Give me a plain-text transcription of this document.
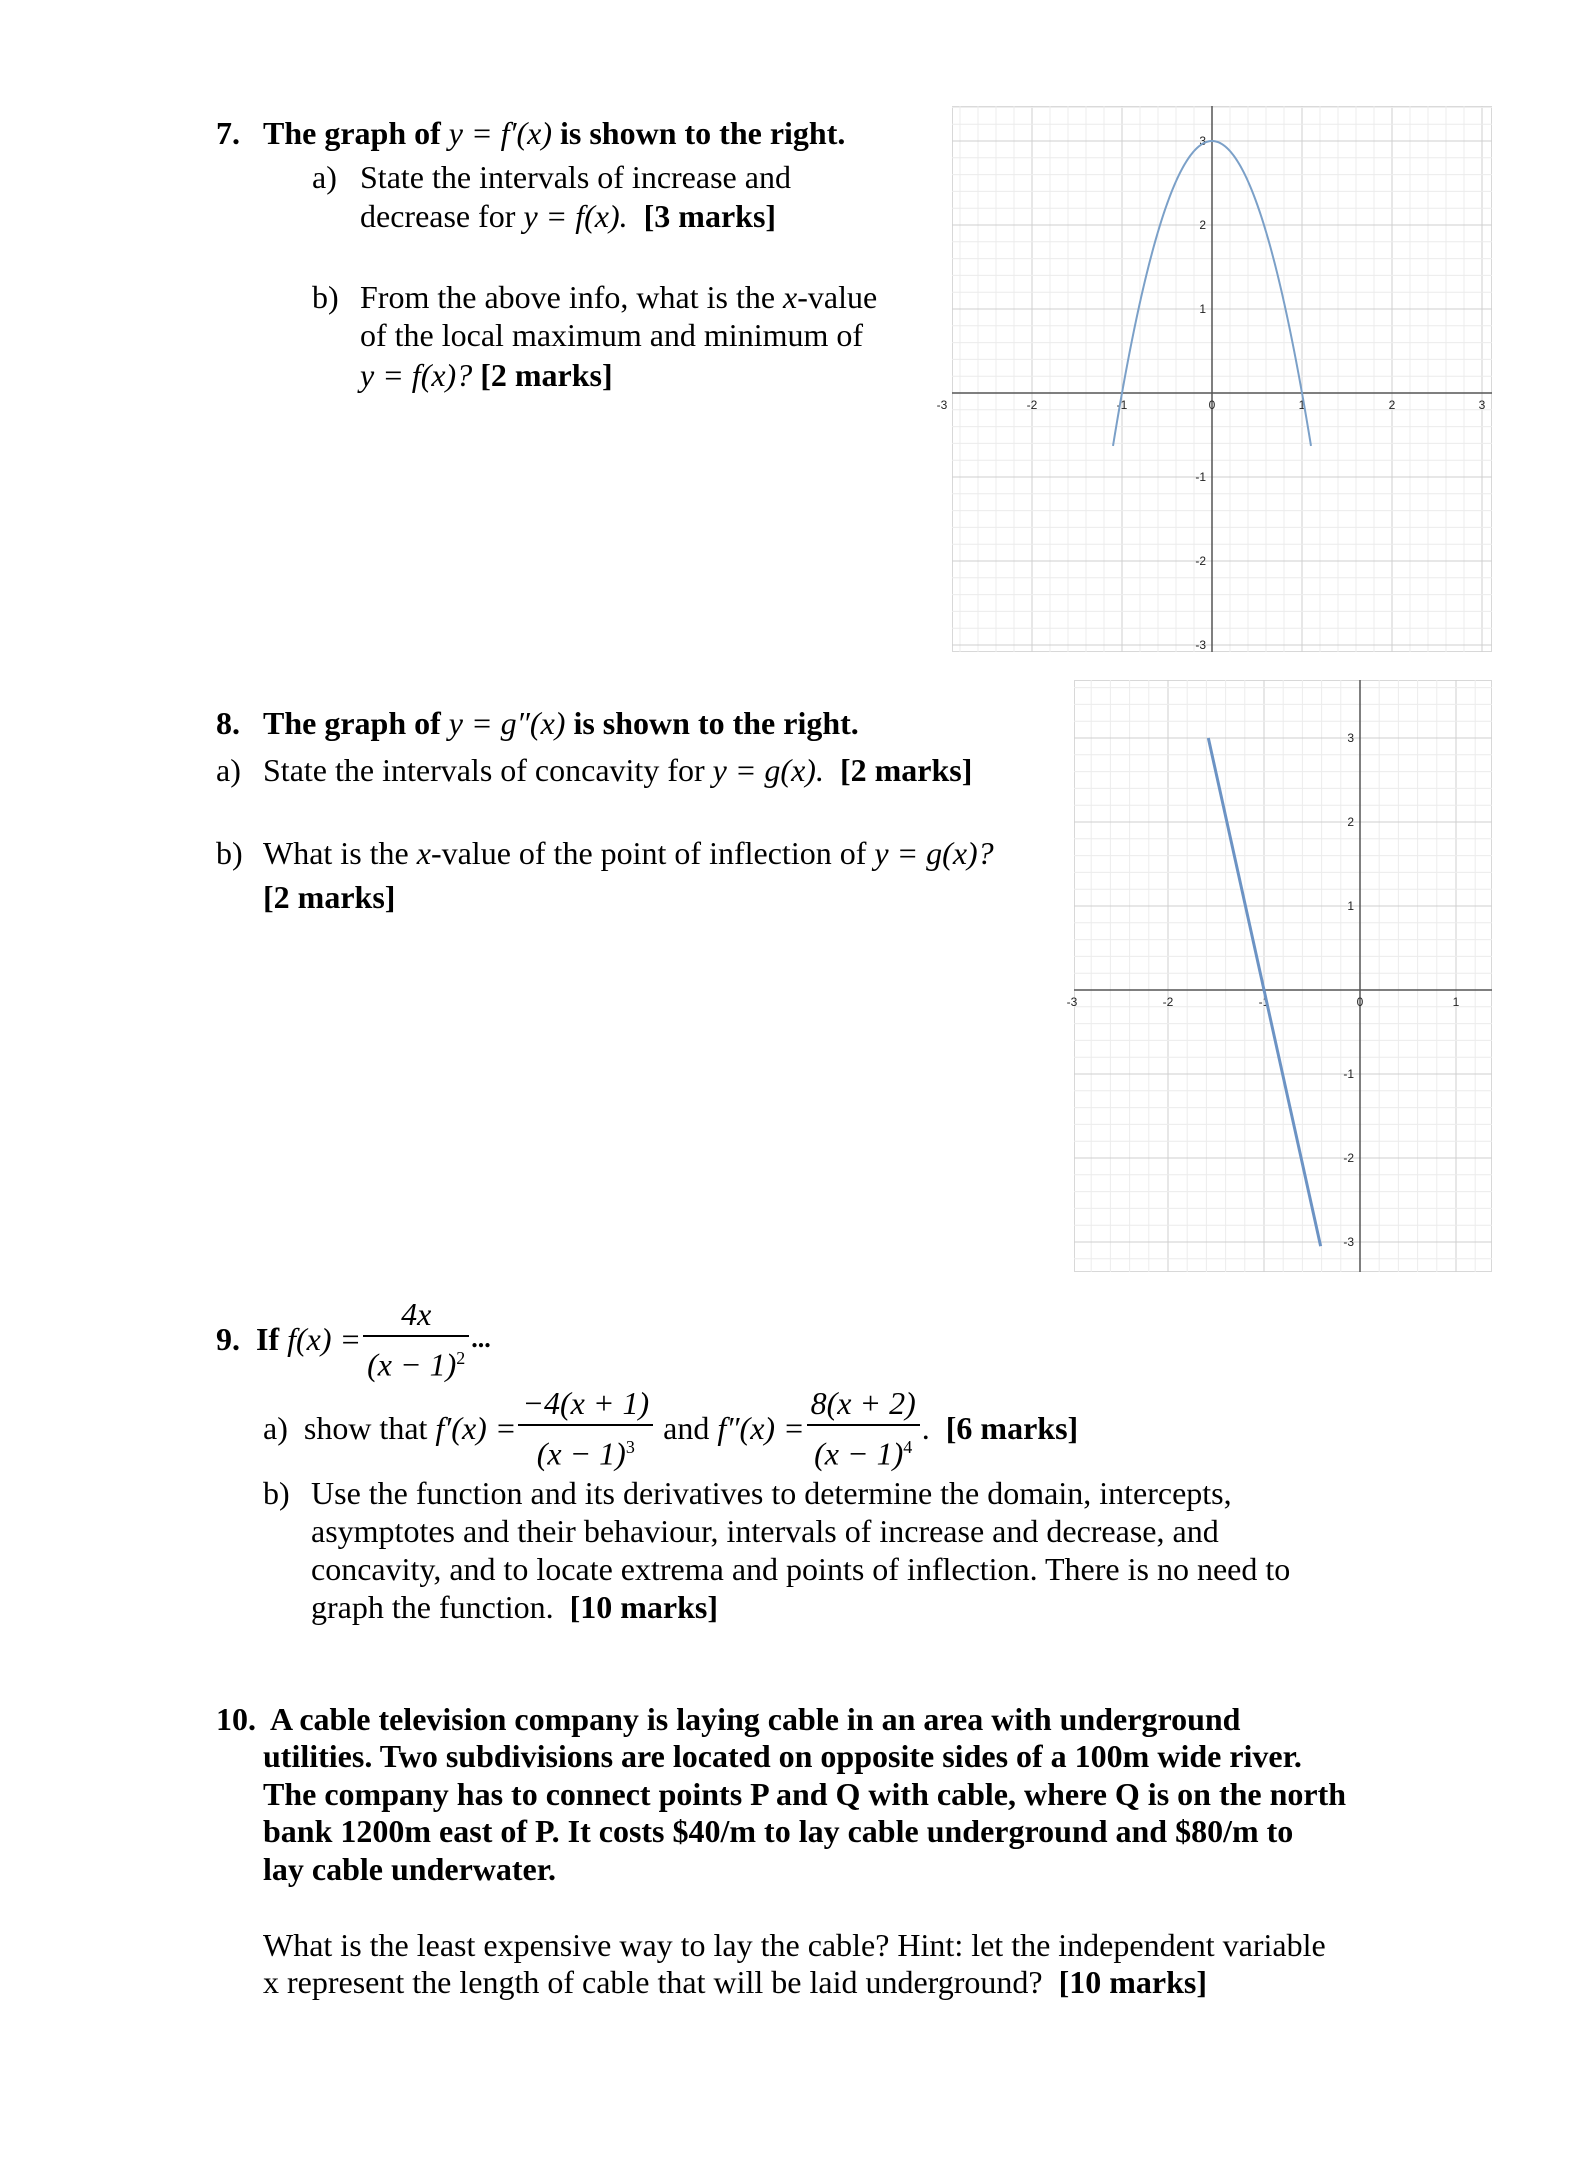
7. The graph of y = f′(x) is shown to the right.
a) State the intervals of increase and
decrease for y = f(x). [3 marks]
b) From the above info, what is the x-value
of the local maximum and minimum of
y = f(x)? [2 marks]
-3	-2	-1	0	1	2	3
-3
-2
-1
1
2
3
8. The graph of y = g″(x) is shown to the right.
a) State the intervals of concavity for y = g(x). [2 marks]
b) What is the x-value of the point of inflection of y = g(x)?
[2 marks]
-3	-2	-1	0	1
-3
-2
-1
1
2
3
9.
If
$f(x) = \frac{4x}{(x - 1)^2}$ ...
a)
show that
$f'(x) = \frac{-4(x + 1)}{(x - 1)^3}$
and
$f''(x) = \frac{8(x + 2)}{(x - 1)^4}$ .
[6 marks]
b) Use the function and its derivatives to determine the domain, intercepts,
asymptotes and their behaviour, intervals of increase and decrease, and
concavity, and to locate extrema and points of inflection. There is no need to
graph the function. [10 marks]
10. A cable television company is laying cable in an area with underground
utilities. Two subdivisions are located on opposite sides of a 100m wide river.
The company has to connect points P and Q with cable, where Q is on the north
bank 1200m east of P. It costs $40/m to lay cable underground and $80/m to
lay cable underwater.
What is the least expensive way to lay the cable? Hint: let the independent variable
x represent the length of cable that will be laid underground? [10 marks]
